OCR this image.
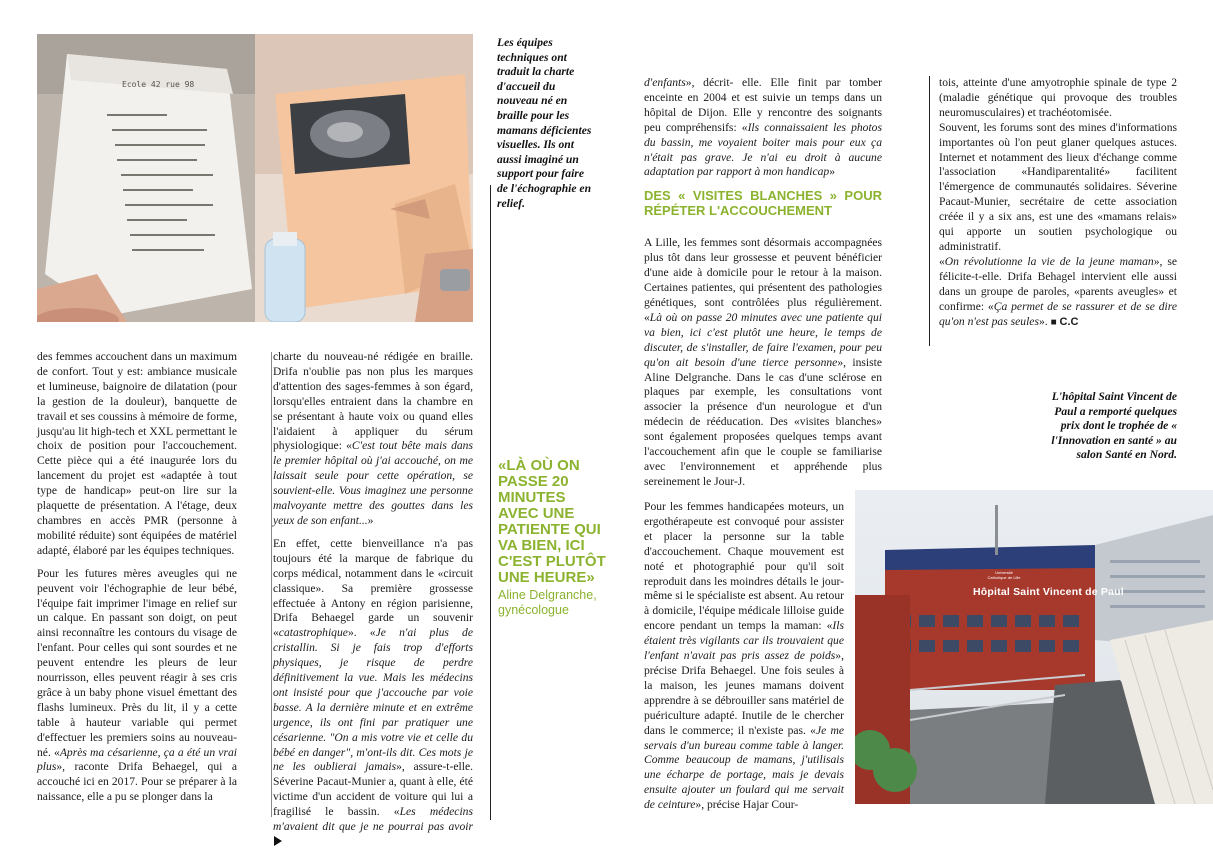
Ecole 42 rue 98
Les équipes techniques ont traduit la charte d'accueil du nouveau né en braille pour les mamans déficientes visuelles. Ils ont aussi imaginé un support pour faire de l'échographie en relief.

des femmes accouchent dans un maximum de confort. Tout y est: ambiance musicale et lumineuse, baignoire de dilatation (pour la gestion de la douleur), banquette de travail et ses coussins à mémoire de forme, jusqu'au lit high-tech et XXL permettant le choix de position pour l'accouchement. Cette pièce qui a été inaugurée lors du lancement du projet est «adaptée à tout type de handicap» peut-on lire sur la plaquette de présentation. A l'étage, deux chambres en accès PMR (personne à mobilité réduite) sont équipées de matériel adapté, élaboré par les équipes techniques.

Pour les futures mères aveugles qui ne peuvent voir l'échographie de leur bébé, l'équipe fait imprimer l'image en relief sur un calque. En passant son doigt, on peut ainsi reconnaître les contours du visage de l'enfant. Pour celles qui sont sourdes et ne peuvent entendre les pleurs de leur nourrisson, elles peuvent réagir à ses cris grâce à un baby phone visuel émettant des flashs lumineux. Près du lit, il y a cette table à hauteur variable qui permet d'effectuer les premiers soins au nouveau-né. «Après ma césarienne, ça a été un vrai plus», raconte Drifa Behaegel, qui a accouché ici en 2017. Pour se préparer à la naissance, elle a pu se plonger dans la

charte du nouveau-né rédigée en braille. Drifa n'oublie pas non plus les marques d'attention des sages-femmes à son égard, lorsqu'elles entraient dans la chambre en se présentant à haute voix ou quand elles l'aidaient à appliquer du sérum physiologique: «C'est tout bête mais dans le premier hôpital où j'ai accouché, on me laissait seule pour cette opération, se souvient-elle. Vous imaginez une personne malvoyante mettre des gouttes dans les yeux de son enfant...»

En effet, cette bienveillance n'a pas toujours été la marque de fabrique du corps médical, notamment dans le «circuit classique». Sa première grossesse effectuée à Antony en région parisienne, Drifa Behaegel garde un souvenir «catastrophique». «Je n'ai plus de cristallin. Si je fais trop d'efforts physiques, je risque de perdre définitivement la vue. Mais les médecins ont insisté pour que j'accouche par voie basse. A la dernière minute et en extrême urgence, ils ont fini par pratiquer une césarienne. "On a mis votre vie et celle du bébé en danger", m'ont-ils dit. Ces mots je ne les oublierai jamais», assure-t-elle. Séverine Pacaut-Munier a, quant à elle, été victime d'un accident de voiture qui lui a fragilisé le bassin. «Les médecins m'avaient dit que je ne pourrai pas avoir

«LÀ OÙ ON PASSE 20 MINUTES AVEC UNE PATIENTE QUI VA BIEN, ICI C'EST PLUTÔT UNE HEURE»
Aline Delgranche, gynécologue

d'enfants», décrit- elle. Elle finit par tomber enceinte en 2004 et est suivie un temps dans un hôpital de Dijon. Elle y rencontre des soignants peu compréhensifs: «Ils connaissaient les photos du bassin, me voyaient boiter mais pour eux ça n'était pas grave. Je n'ai eu droit à aucune adaptation par rapport à mon handicap»

DES « VISITES BLANCHES » POUR RÉPÉTER L'ACCOUCHEMENT

A Lille, les femmes sont désormais accompagnées plus tôt dans leur grossesse et peuvent bénéficier d'une aide à domicile pour le retour à la maison. Certaines patientes, qui présentent des pathologies génétiques, sont contrôlées plus régulièrement. «Là où on passe 20 minutes avec une patiente qui va bien, ici c'est plutôt une heure, le temps de discuter, de s'installer, de faire l'examen, pour peu qu'on ait besoin d'une tierce personne», insiste Aline Delgranche. Dans le cas d'une sclérose en plaques par exemple, les consultations vont associer la présence d'un neurologue et d'un médecin de rééducation. Des «visites blanches» sont également proposées quelques temps avant l'accouchement afin que le couple se familiarise avec l'environnement et appréhende plus sereinement le Jour-J.

Pour les femmes handicapées moteurs, un ergothérapeute est convoqué pour assister et placer la personne sur la table d'accouchement. Chaque mouvement est noté et photographié pour qu'il soit reproduit dans les moindres détails le jour-même si le spécialiste est absent. Au retour à domicile, l'équipe médicale lilloise guide encore pendant un temps la maman: «Ils étaient très vigilants car ils trouvaient que l'enfant n'avait pas pris assez de poids», précise Drifa Behaegel. Une fois seules à la maison, les jeunes mamans doivent apprendre à se débrouiller sans matériel de puériculture adapté. Inutile de le chercher dans le commerce; il n'existe pas. «Je me servais d'un bureau comme table à langer. Comme beaucoup de mamans, j'utilisais une écharpe de portage, mais je devais ensuite ajouter un foulard qui me servait de ceinture», précise Hajar Cour-

tois, atteinte d'une amyotrophie spinale de type 2 (maladie génétique qui provoque des troubles neuromusculaires) et trachéotomisée.

Souvent, les forums sont des mines d'informations importantes où l'on peut glaner quelques astuces. Internet et notamment des lieux d'échange comme l'association «Handiparentalité» facilitent l'émergence de communautés solidaires. Séverine Pacaut-Munier, secrétaire de cette association créée il y a six ans, est une des «mamans relais» qui apporte un soutien psychologique ou administratif.

«On révolutionne la vie de la jeune maman», se félicite-t-elle. Drifa Behagel intervient elle aussi dans un groupe de paroles, «parents aveugles» et confirme: «Ça permet de se rassurer et de se dire qu'on n'est pas seules». ■ C.C

L'hôpital Saint Vincent de Paul a remporté quelques prix dont le trophée de « l'Innovation en santé » au salon Santé en Nord.
Université Catholique de Lille
Hôpital Saint Vincent de Paul
